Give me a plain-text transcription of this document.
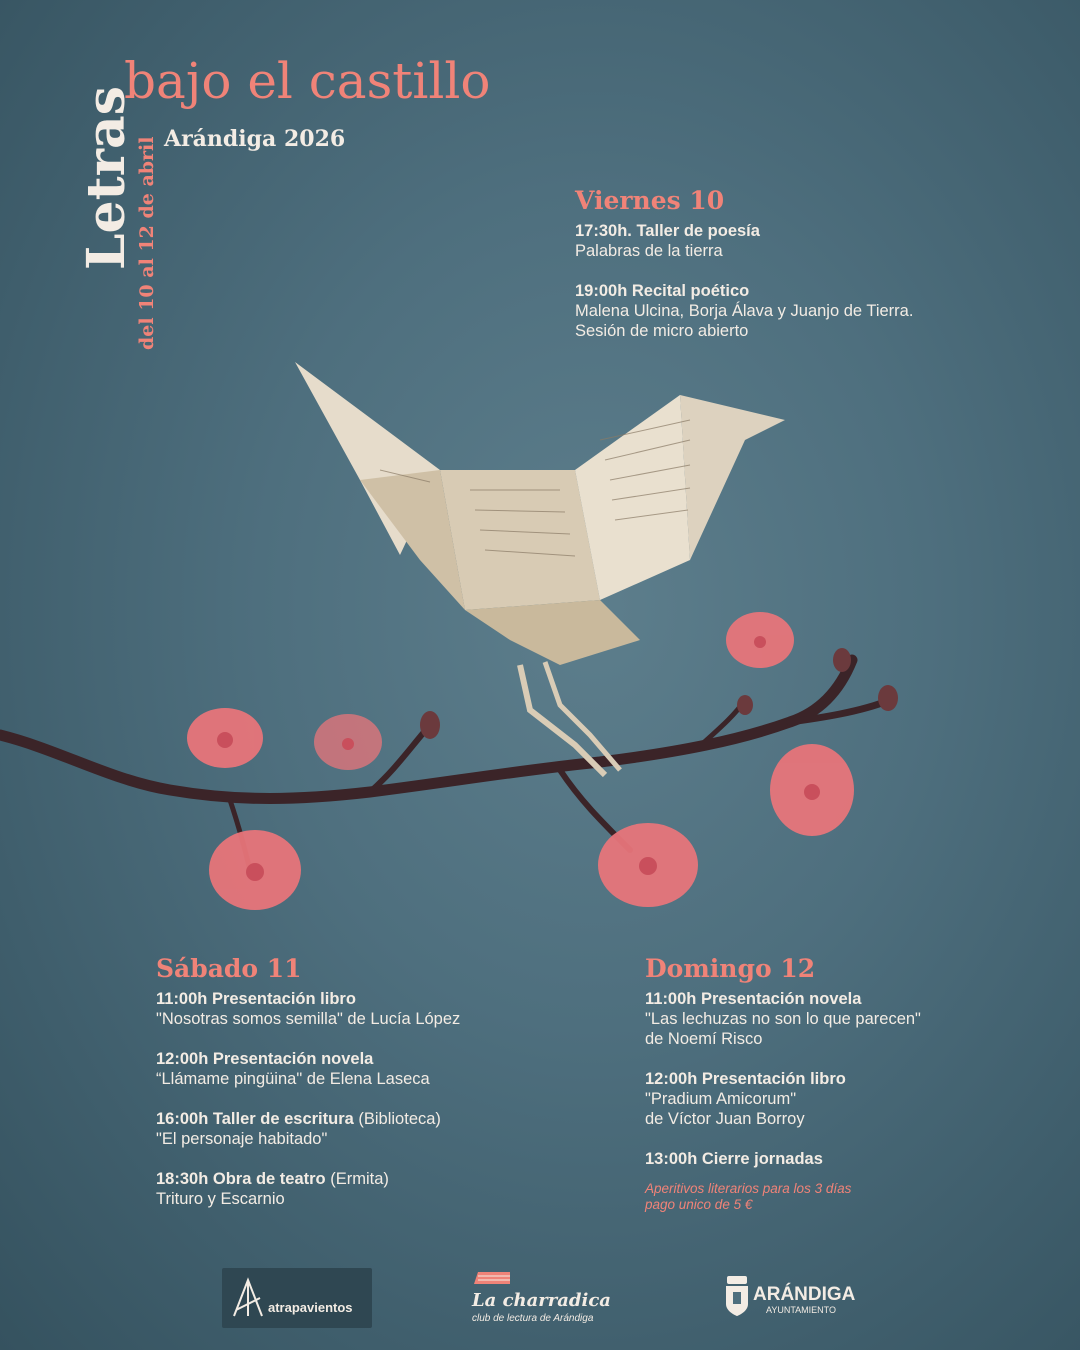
bajo el castillo
Arándiga 2026
Letras del 10 al 12 de abril	Viernes 10
17:30h. Taller de poesía
Palabras de la tierra
19:00h Recital poético
Malena Ulcina, Borja Álava y Juanjo de Tierra.
Sesión de micro abierto
Sábado 11
11:00h Presentación libro
"Nosotras somos semilla" de Lucía López
12:00h Presentación novela
“Llámame pingüina" de Elena Laseca
16:00h Taller de escritura (Biblioteca)
"El personaje habitado"
18:30h Obra de teatro (Ermita)
Trituro y Escarnio
Domingo 12
11:00h Presentación novela
"Las lechuzas no son lo que parecen"
de Noemí Risco
12:00h Presentación libro
"Pradium Amicorum"
de Víctor Juan Borroy
13:00h Cierre jornadas
Aperitivos literarios para los 3 días
pago unico de 5 €
atrapavientos	La charradica
club de lectura de Arándiga
ARÁNDIGA
AYUNTAMIENTO
